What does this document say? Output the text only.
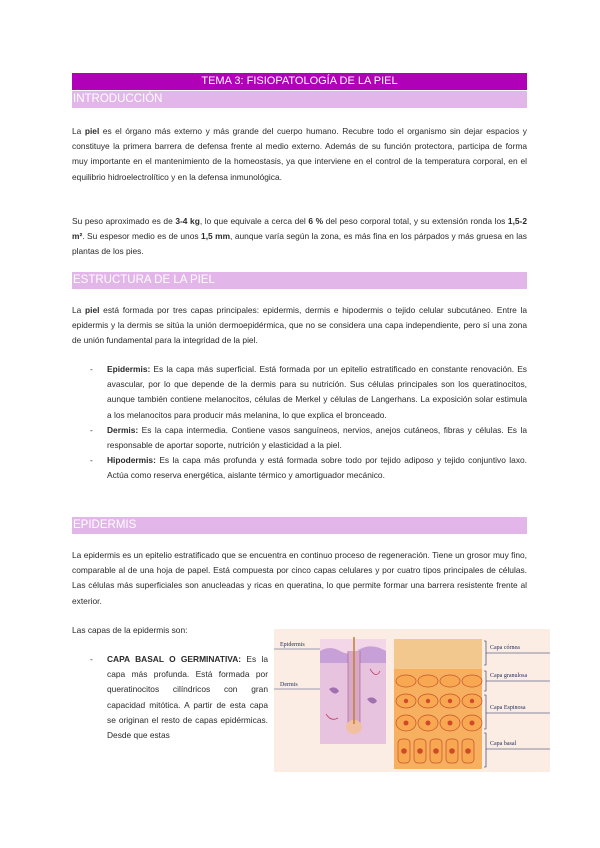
TEMA 3: FISIOPATOLOGÍA DE LA PIEL
INTRODUCCIÓN

La piel es el órgano más externo y más grande del cuerpo humano. Recubre todo el organismo sin dejar espacios y constituye la primera barrera de defensa frente al medio externo. Además de su función protectora, participa de forma muy importante en el mantenimiento de la homeostasis, ya que interviene en el control de la temperatura corporal, en el equilibrio hidroelectrolítico y en la defensa inmunológica.

Su peso aproximado es de 3-4 kg, lo que equivale a cerca del 6 % del peso corporal total, y su extensión ronda los 1,5-2 m². Su espesor medio es de unos 1,5 mm, aunque varía según la zona, es más fina en los párpados y más gruesa en las plantas de los pies.

ESTRUCTURA DE LA PIEL

La piel está formada por tres capas principales: epidermis, dermis e hipodermis o tejido celular subcutáneo. Entre la epidermis y la dermis se sitúa la unión dermoepidérmica, que no se considera una capa independiente, pero sí una zona de unión fundamental para la integridad de la piel.

- Epidermis: Es la capa más superficial. Está formada por un epitelio estratificado en constante renovación. Es avascular, por lo que depende de la dermis para su nutrición. Sus células principales son los queratinocitos, aunque también contiene melanocitos, células de Merkel y células de Langerhans. La exposición solar estimula a los melanocitos para producir más melanina, lo que explica el bronceado.
- Dermis: Es la capa intermedia. Contiene vasos sanguíneos, nervios, anejos cutáneos, fibras y células. Es la responsable de aportar soporte, nutrición y elasticidad a la piel.
- Hipodermis: Es la capa más profunda y está formada sobre todo por tejido adiposo y tejido conjuntivo laxo. Actúa como reserva energética, aislante térmico y amortiguador mecánico.
EPIDERMIS

La epidermis es un epitelio estratificado que se encuentra en continuo proceso de regeneración. Tiene un grosor muy fino, comparable al de una hoja de papel. Está compuesta por cinco capas celulares y por cuatro tipos principales de células. Las células más superficiales son anucleadas y ricas en queratina, lo que permite formar una barrera resistente frente al exterior.

Las capas de la epidermis son:

- CAPA BASAL O GERMINATIVA: Es la capa más profunda. Está formada por queratinocitos cilíndricos con gran capacidad mitótica. A partir de esta capa se originan el resto de capas epidérmicas. Desde que estas
Epidermis
Dermis
Capa córnea
Capa granulosa
Capa Espinosa
Capa basal
